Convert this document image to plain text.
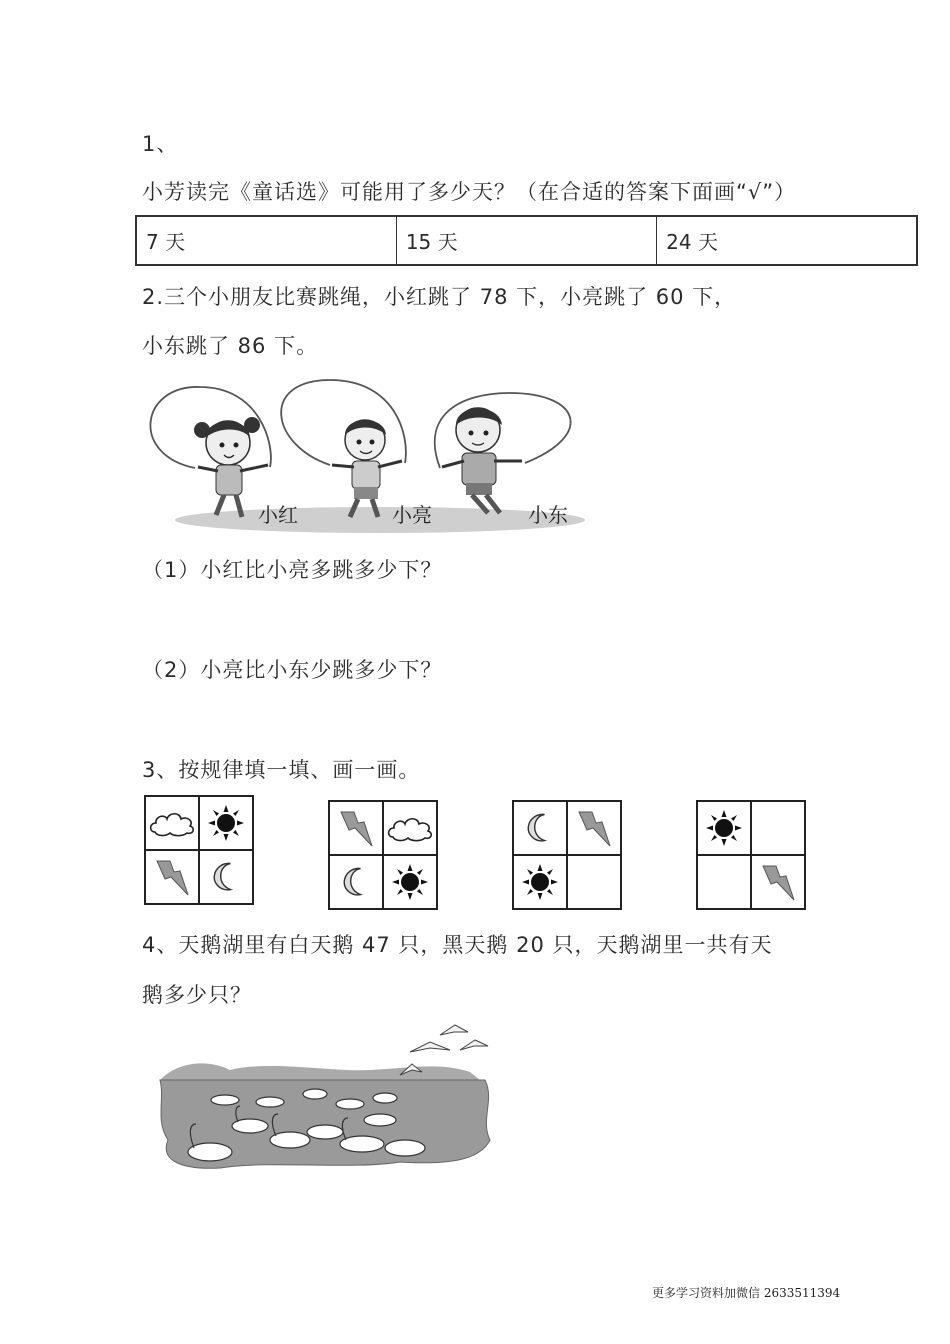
1、
小芳读完《童话选》可能用了多少天？（在合适的答案下面画“√”）
7 天	15 天	24 天
2.三个小朋友比赛跳绳，小红跳了 78 下，小亮跳了 60 下，
小东跳了 86 下。
小红	小亮	小东
（1）小红比小亮多跳多少下？
（2）小亮比小东少跳多少下？
3、按规律填一填、画一画。
4、天鹅湖里有白天鹅 47 只，黑天鹅 20 只，天鹅湖里一共有天
鹅多少只？
更多学习资料加微信 2633511394
